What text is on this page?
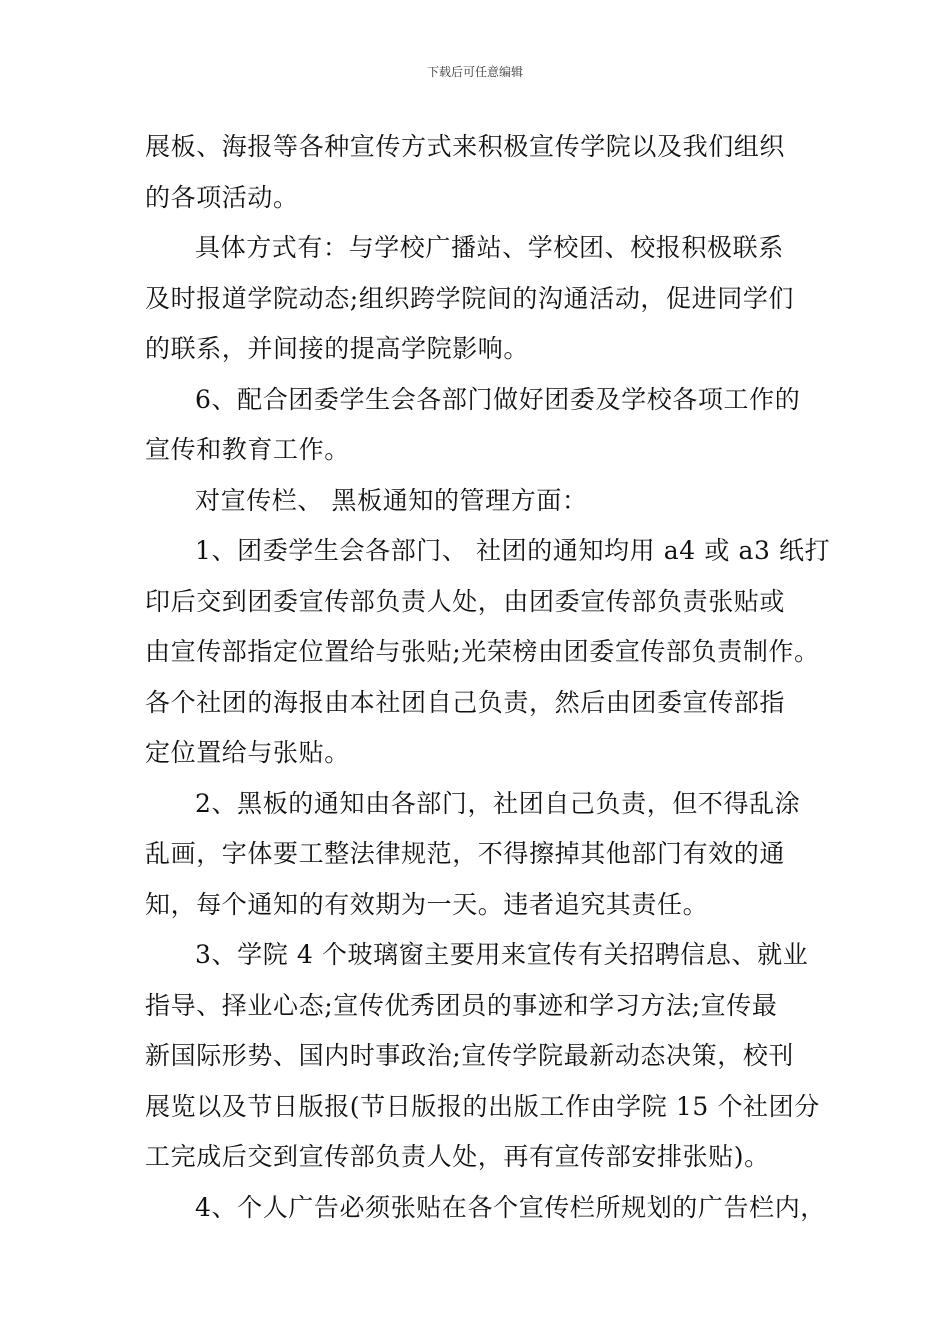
下载后可任意编辑

展板、海报等各种宣传方式来积极宣传学院以及我们组织
的各项活动。

具体方式有：与学校广播站、学校团、校报积极联系
及时报道学院动态;组织跨学院间的沟通活动，促进同学们
的联系，并间接的提高学院影响。

6、配合团委学生会各部门做好团委及学校各项工作的
宣传和教育工作。

对宣传栏、 黑板通知的管理方面：

1、团委学生会各部门、 社团的通知均用 a4 或 a3 纸打
印后交到团委宣传部负责人处，由团委宣传部负责张贴或
由宣传部指定位置给与张贴;光荣榜由团委宣传部负责制作。
各个社团的海报由本社团自己负责，然后由团委宣传部指
定位置给与张贴。

2、黑板的通知由各部门，社团自己负责，但不得乱涂
乱画，字体要工整法律规范，不得擦掉其他部门有效的通
知，每个通知的有效期为一天。违者追究其责任。

3、学院 4 个玻璃窗主要用来宣传有关招聘信息、就业
指导、择业心态;宣传优秀团员的事迹和学习方法;宣传最
新国际形势、国内时事政治;宣传学院最新动态决策，校刊
展览以及节日版报(节日版报的出版工作由学院 15 个社团分
工完成后交到宣传部负责人处，再有宣传部安排张贴)。

4、个人广告必须张贴在各个宣传栏所规划的广告栏内，
